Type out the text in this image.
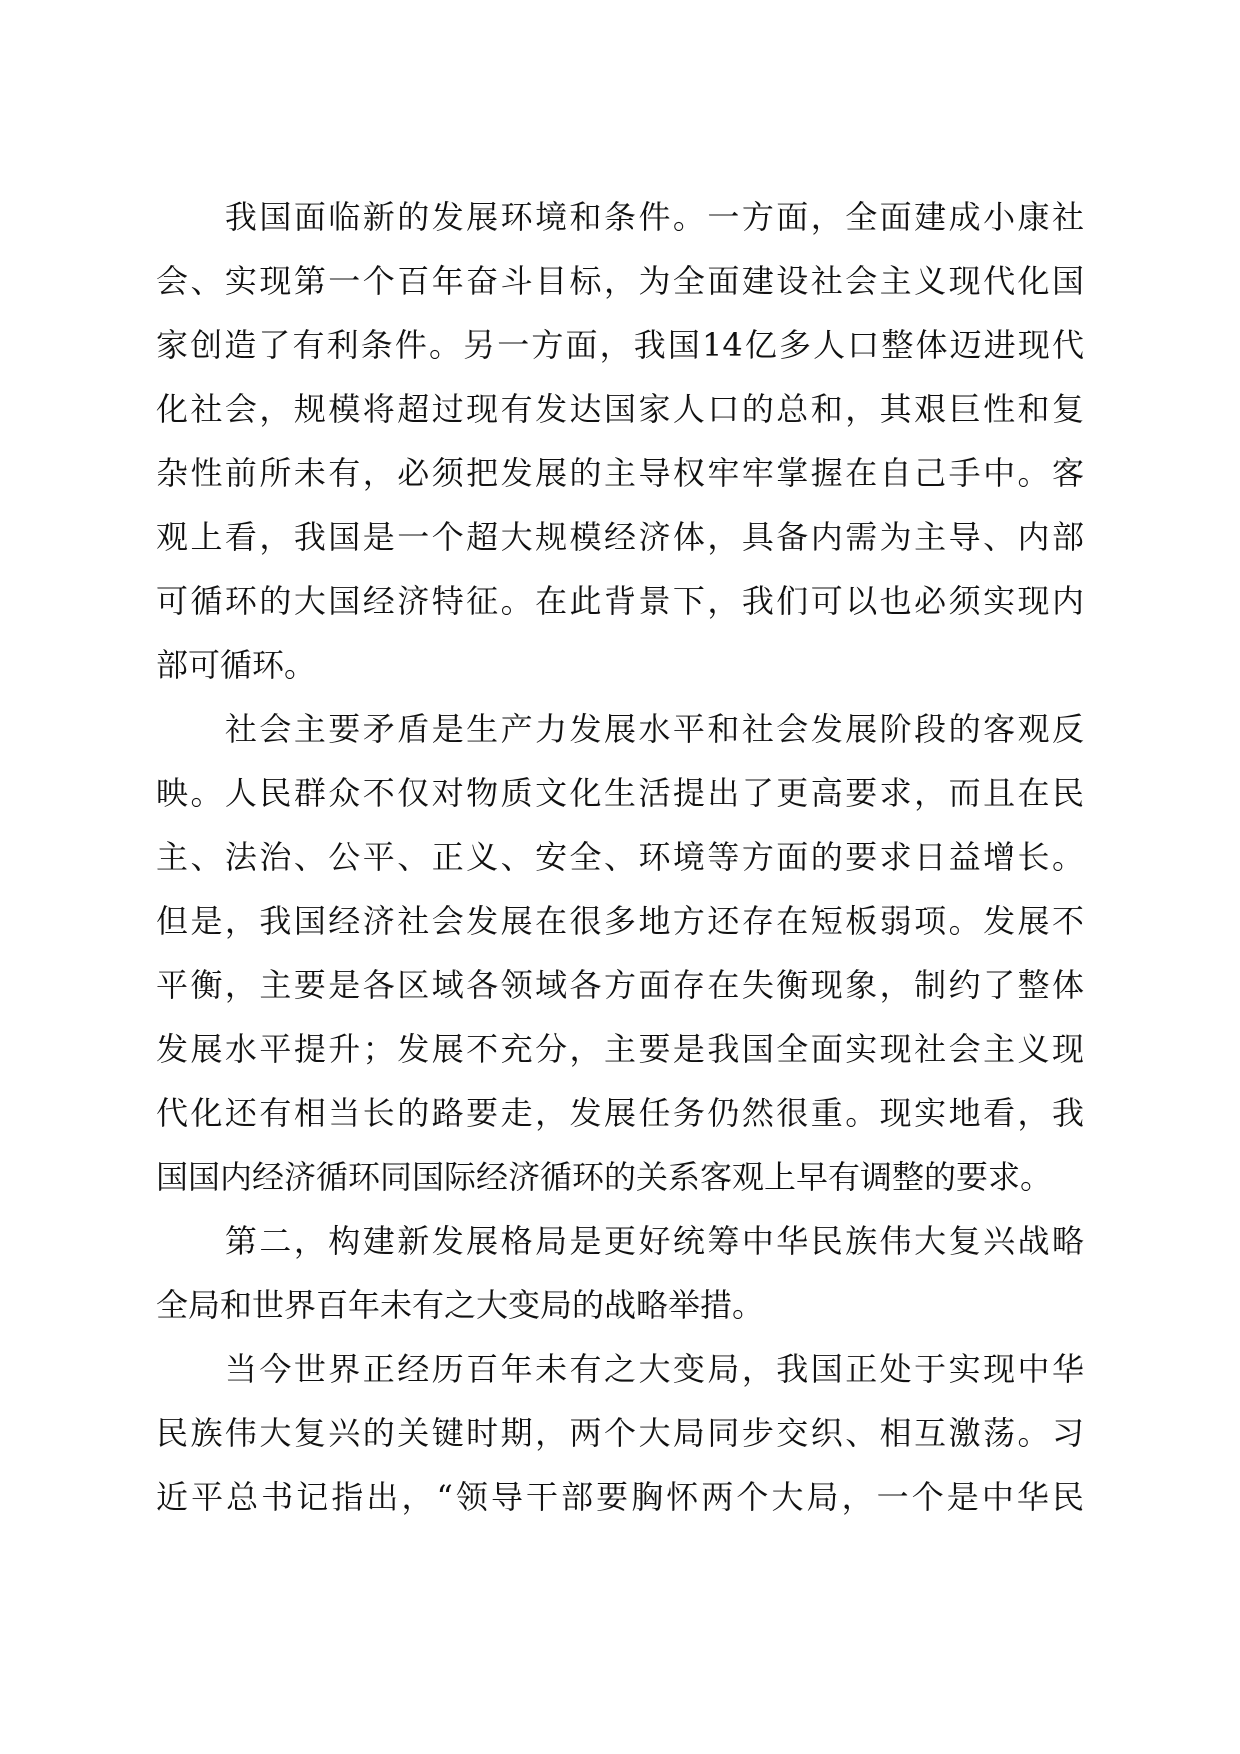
　　我国面临新的发展环境和条件。一方面，全面建成小康社
会、实现第一个百年奋斗目标，为全面建设社会主义现代化国
家创造了有利条件。另一方面，我国14亿多人口整体迈进现代
化社会，规模将超过现有发达国家人口的总和，其艰巨性和复
杂性前所未有，必须把发展的主导权牢牢掌握在自己手中。客
观上看，我国是一个超大规模经济体，具备内需为主导、内部
可循环的大国经济特征。在此背景下，我们可以也必须实现内
部可循环。
　　社会主要矛盾是生产力发展水平和社会发展阶段的客观反
映。人民群众不仅对物质文化生活提出了更高要求，而且在民
主、法治、公平、正义、安全、环境等方面的要求日益增长。
但是，我国经济社会发展在很多地方还存在短板弱项。发展不
平衡，主要是各区域各领域各方面存在失衡现象，制约了整体
发展水平提升；发展不充分，主要是我国全面实现社会主义现
代化还有相当长的路要走，发展任务仍然很重。现实地看，我
国国内经济循环同国际经济循环的关系客观上早有调整的要求。
　　第二，构建新发展格局是更好统筹中华民族伟大复兴战略
全局和世界百年未有之大变局的战略举措。
　　当今世界正经历百年未有之大变局，我国正处于实现中华
民族伟大复兴的关键时期，两个大局同步交织、相互激荡。习
近平总书记指出，“领导干部要胸怀两个大局，一个是中华民
